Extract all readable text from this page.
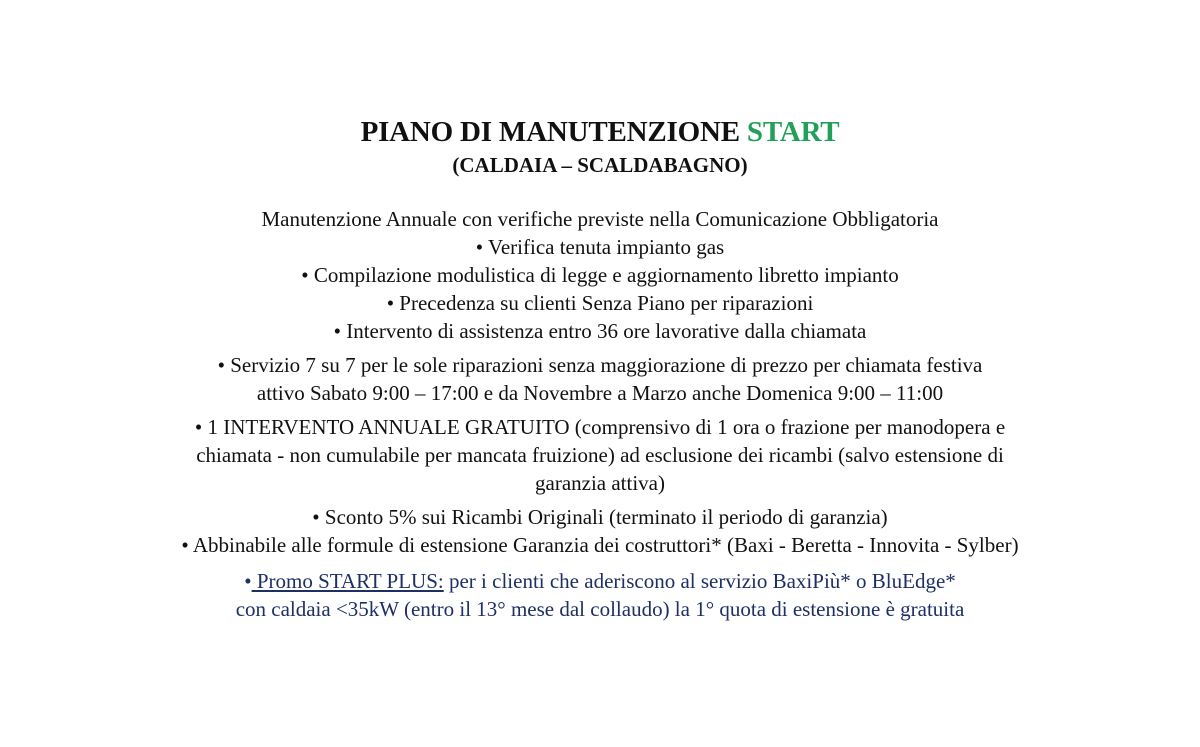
PIANO DI MANUTENZIONE START
(CALDAIA – SCALDABAGNO)
Manutenzione Annuale con verifiche previste nella Comunicazione Obbligatoria
• Verifica tenuta impianto gas
• Compilazione modulistica di legge e aggiornamento libretto impianto
• Precedenza su clienti Senza Piano per riparazioni
• Intervento di assistenza entro 36 ore lavorative dalla chiamata
• Servizio 7 su 7 per le sole riparazioni senza maggiorazione di prezzo per chiamata festiva
attivo Sabato 9:00 – 17:00 e da Novembre a Marzo anche Domenica 9:00 – 11:00
• 1 INTERVENTO ANNUALE GRATUITO (comprensivo di 1 ora o frazione per manodopera e
chiamata - non cumulabile per mancata fruizione) ad esclusione dei ricambi (salvo estensione di
garanzia attiva)
• Sconto 5% sui Ricambi Originali (terminato il periodo di garanzia)
• Abbinabile alle formule di estensione Garanzia dei costruttori* (Baxi - Beretta - Innovita - Sylber)
• Promo START PLUS: per i clienti che aderiscono al servizio BaxiPiù* o BluEdge*
con caldaia <35kW (entro il 13° mese dal collaudo) la 1° quota di estensione è gratuita
